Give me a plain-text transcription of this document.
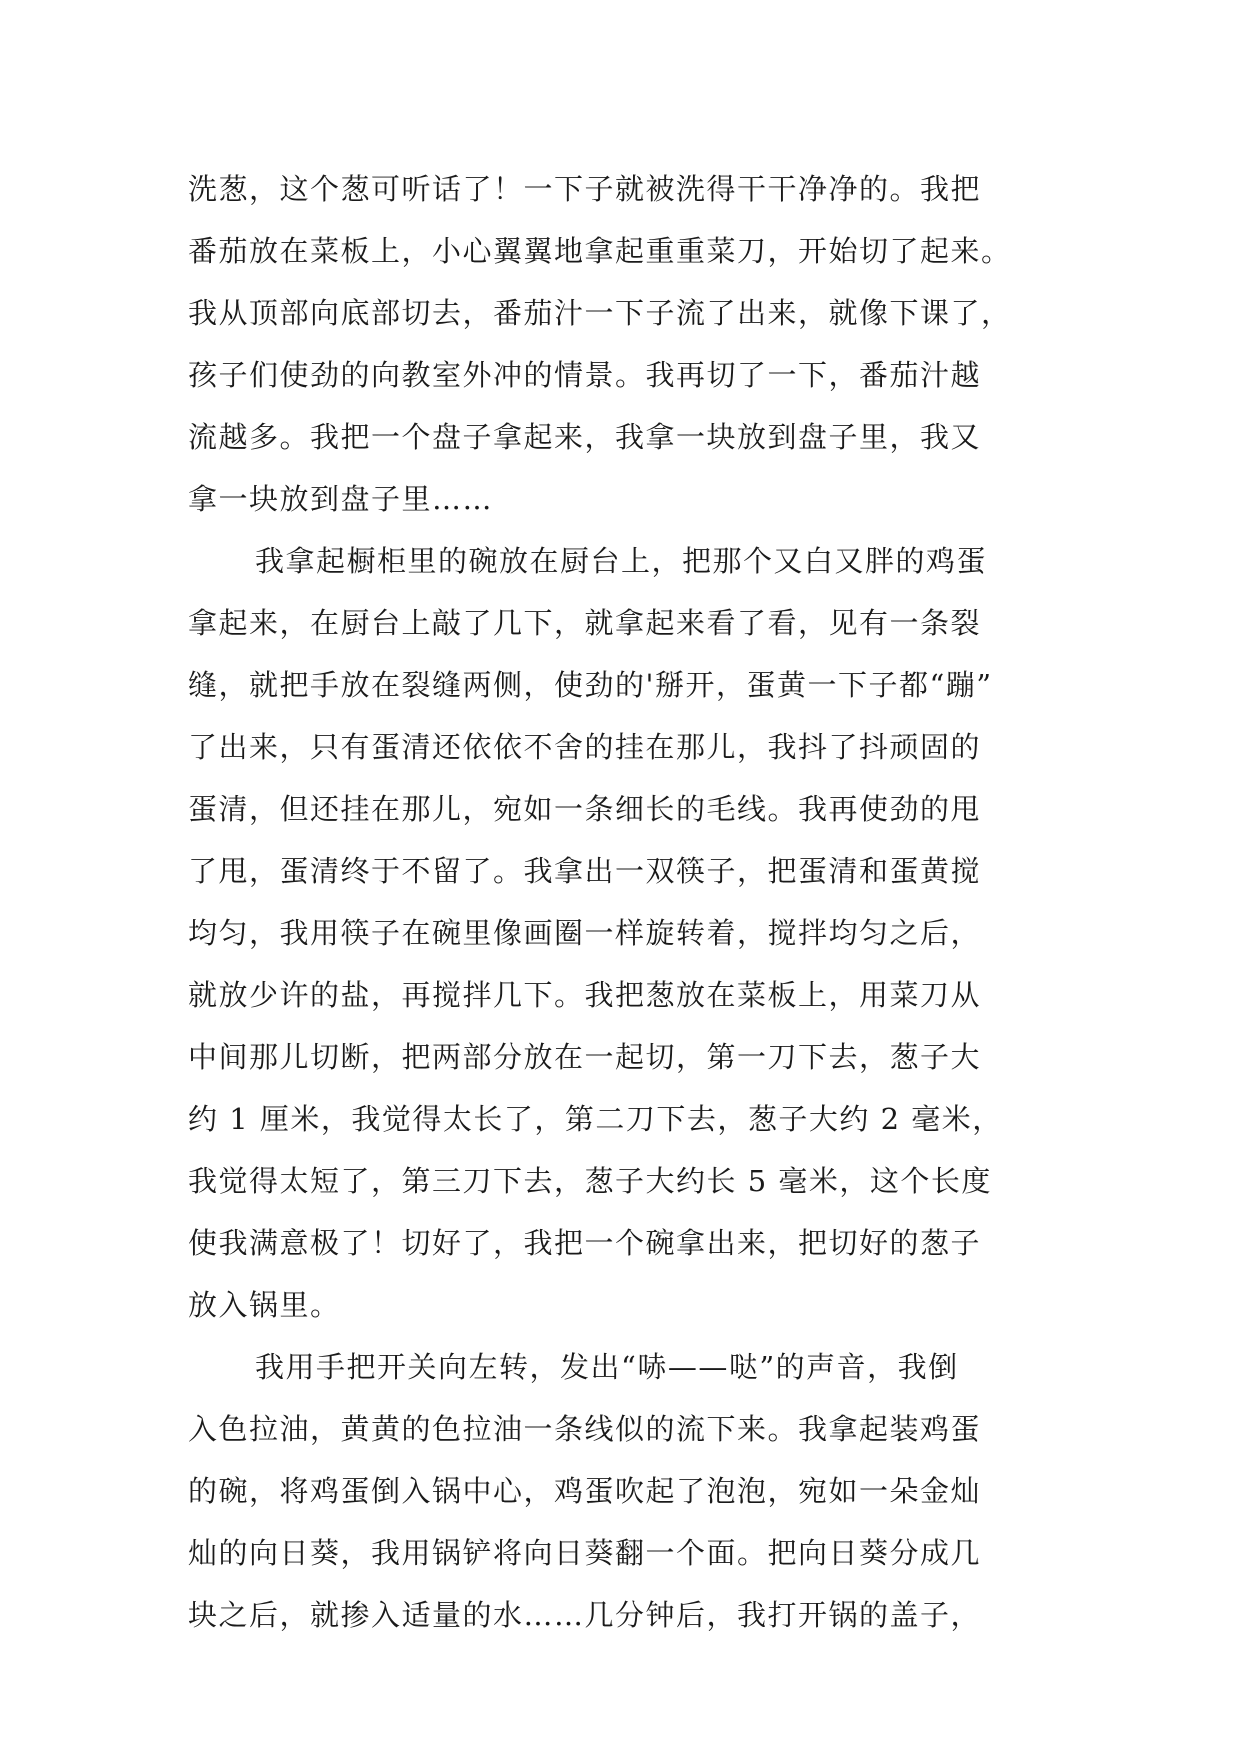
洗葱，这个葱可听话了！一下子就被洗得干干净净的。我把
番茄放在菜板上，小心翼翼地拿起重重菜刀，开始切了起来。
我从顶部向底部切去，番茄汁一下子流了出来，就像下课了，
孩子们使劲的向教室外冲的情景。我再切了一下，番茄汁越
流越多。我把一个盘子拿起来，我拿一块放到盘子里，我又
拿一块放到盘子里……
我拿起橱柜里的碗放在厨台上，把那个又白又胖的鸡蛋
拿起来，在厨台上敲了几下，就拿起来看了看，见有一条裂
缝，就把手放在裂缝两侧，使劲的'掰开，蛋黄一下子都“蹦”
了出来，只有蛋清还依依不舍的挂在那儿，我抖了抖顽固的
蛋清，但还挂在那儿，宛如一条细长的毛线。我再使劲的甩
了甩，蛋清终于不留了。我拿出一双筷子，把蛋清和蛋黄搅
均匀，我用筷子在碗里像画圈一样旋转着，搅拌均匀之后，
就放少许的盐，再搅拌几下。我把葱放在菜板上，用菜刀从
中间那儿切断，把两部分放在一起切，第一刀下去，葱子大
约 1 厘米，我觉得太长了，第二刀下去，葱子大约 2 毫米，
我觉得太短了，第三刀下去，葱子大约长 5 毫米，这个长度
使我满意极了！切好了，我把一个碗拿出来，把切好的葱子
放入锅里。
我用手把开关向左转，发出“哧——哒”的声音，我倒
入色拉油，黄黄的色拉油一条线似的流下来。我拿起装鸡蛋
的碗，将鸡蛋倒入锅中心，鸡蛋吹起了泡泡，宛如一朵金灿
灿的向日葵，我用锅铲将向日葵翻一个面。把向日葵分成几
块之后，就掺入适量的水……几分钟后，我打开锅的盖子，
